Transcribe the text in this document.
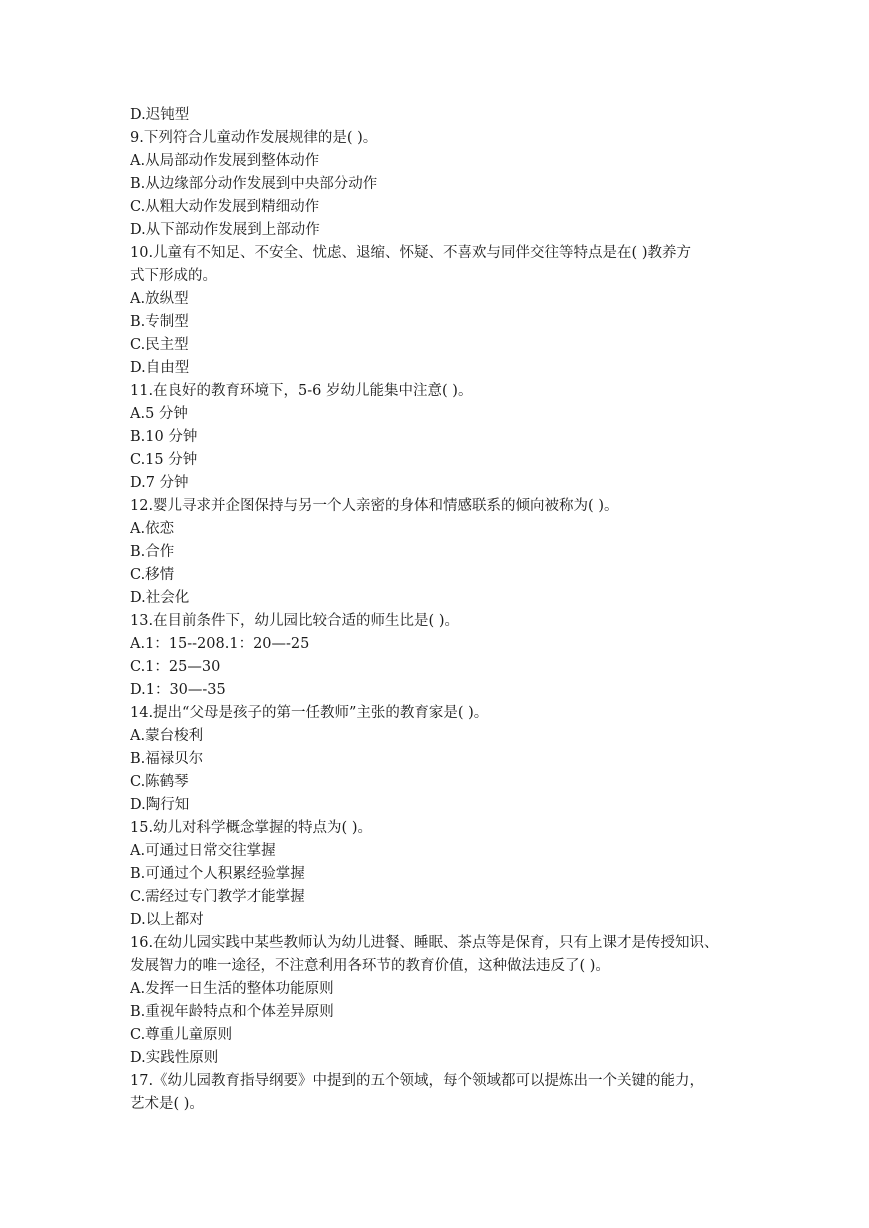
D.迟钝型
9.下列符合儿童动作发展规律的是( )。
A.从局部动作发展到整体动作
B.从边缘部分动作发展到中央部分动作
C.从粗大动作发展到精细动作
D.从下部动作发展到上部动作
10.儿童有不知足、不安全、忧虑、退缩、怀疑、不喜欢与同伴交往等特点是在( )教养方
式下形成的。
A.放纵型
B.专制型
C.民主型
D.自由型
11.在良好的教育环境下，5-6 岁幼儿能集中注意( )。
A.5 分钟
B.10 分钟
C.15 分钟
D.7 分钟
12.婴儿寻求并企图保持与另一个人亲密的身体和情感联系的倾向被称为( )。
A.依恋
B.合作
C.移情
D.社会化
13.在目前条件下，幼儿园比较合适的师生比是( )。
A.1：15--208.1：20—-25
C.1：25—30
D.1：30—-35
14.提出“父母是孩子的第一任教师”主张的教育家是( )。
A.蒙台梭利
B.福禄贝尔
C.陈鹤琴
D.陶行知
15.幼儿对科学概念掌握的特点为( )。
A.可通过日常交往掌握
B.可通过个人积累经验掌握
C.需经过专门教学才能掌握
D.以上都对
16.在幼儿园实践中某些教师认为幼儿进餐、睡眠、茶点等是保育，只有上课才是传授知识、
发展智力的唯一途径，不注意利用各环节的教育价值，这种做法违反了( )。
A.发挥一日生活的整体功能原则
B.重视年龄特点和个体差异原则
C.尊重儿童原则
D.实践性原则
17.《幼儿园教育指导纲要》中提到的五个领域，每个领域都可以提炼出一个关键的能力，
艺术是( )。
